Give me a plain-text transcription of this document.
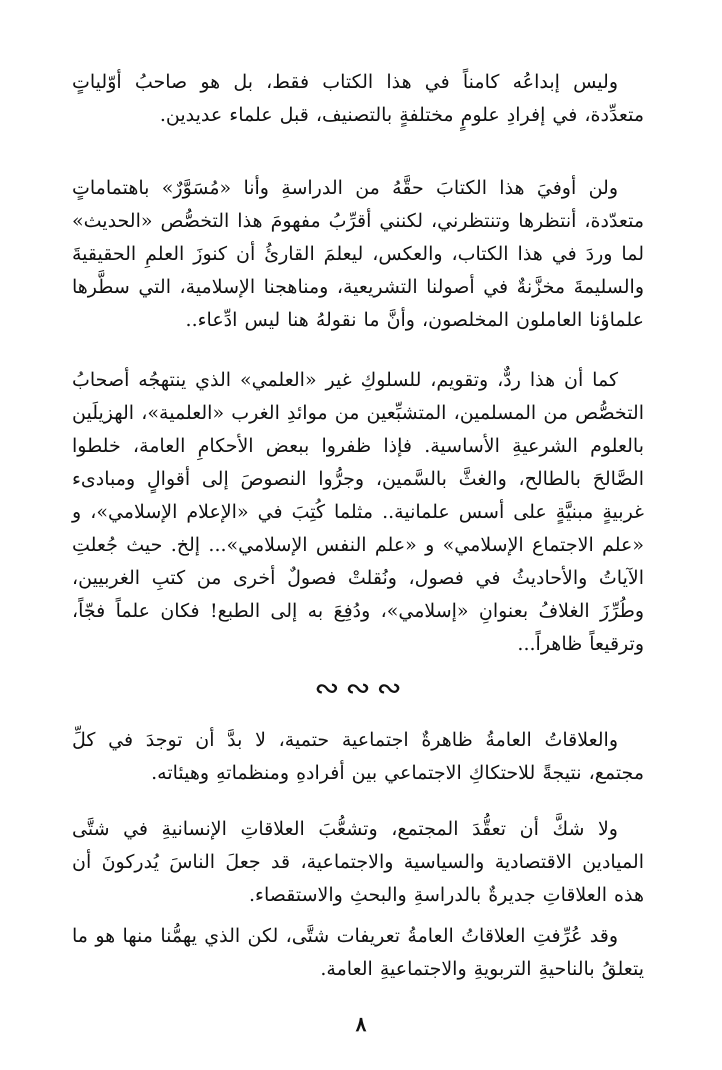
وليس إبداعُه كامناً في هذا الكتاب فقط، بل هو صاحبُ أوّلياتٍ متعدِّدة، في إفرادِ علومٍ مختلفةٍ بالتصنيف، قبل علماء عديدين.

ولن أوفيَ هذا الكتابَ حقَّهُ من الدراسةِ وأنا «مُسَوَّرٌ» باهتماماتٍ متعدّدة، أنتظرها وتنتظرني، لكنني أقرِّبُ مفهومَ هذا التخصُّص «الحديث» لما وردَ في هذا الكتاب، والعكس، ليعلمَ القارئُ أن كنوزَ العلمِ الحقيقيةَ والسليمةَ مخزَّنةٌ في أصولنا التشريعية، ومناهجنا الإسلامية، التي سطَّرها علماؤنا العاملون المخلصون، وأنَّ ما نقولهُ هنا ليس ادِّعاء..

كما أن هذا ردٌّ، وتقويم، للسلوكِ غير «العلمي» الذي ينتهجُه أصحابُ التخصُّص من المسلمين، المتشبِّعين من موائدِ الغرب «العلمية»، الهزيلَين بالعلوم الشرعيةِ الأساسية. فإذا ظفروا ببعض الأحكامِ العامة، خلطوا الصَّالحَ بالطالح، والغثَّ بالسَّمين، وجرُّوا النصوصَ إلى أقوالٍ ومبادىء غربيةٍ مبنيَّةٍ على أسس علمانية.. مثلما كُتِبَ في «الإعلام الإسلامي»، و «علم الاجتماع الإسلامي» و «علم النفس الإسلامي»... إلخ. حيث جُعلتِ الآياتُ والأحاديثُ في فصول، ونُقلتْ فصولٌ أخرى من كتبِ الغربيين، وطُرِّزَ الغلافُ بعنوانِ «إسلامي»، ودُفِعَ به إلى الطبع! فكان علماً فجّاً، وترقيعاً ظاهراً...

∾∾∾

والعلاقاتُ العامةُ ظاهرةٌ اجتماعية حتمية، لا بدَّ أن توجدَ في كلِّ مجتمع، نتيجةً للاحتكاكِ الاجتماعي بين أفرادهِ ومنظماتهِ وهيئاته.

ولا شكَّ أن تعقُّدَ المجتمع، وتشعُّبَ العلاقاتِ الإنسانيةِ في شتَّى الميادين الاقتصادية والسياسية والاجتماعية، قد جعلَ الناسَ يُدركونَ أن هذه العلاقاتِ جديرةٌ بالدراسةِ والبحثِ والاستقصاء.

وقد عُرِّفتِ العلاقاتُ العامةُ تعريفات شتَّى، لكن الذي يهمُّنا منها هو ما يتعلقُ بالناحيةِ التربويةِ والاجتماعيةِ العامة.

٨
